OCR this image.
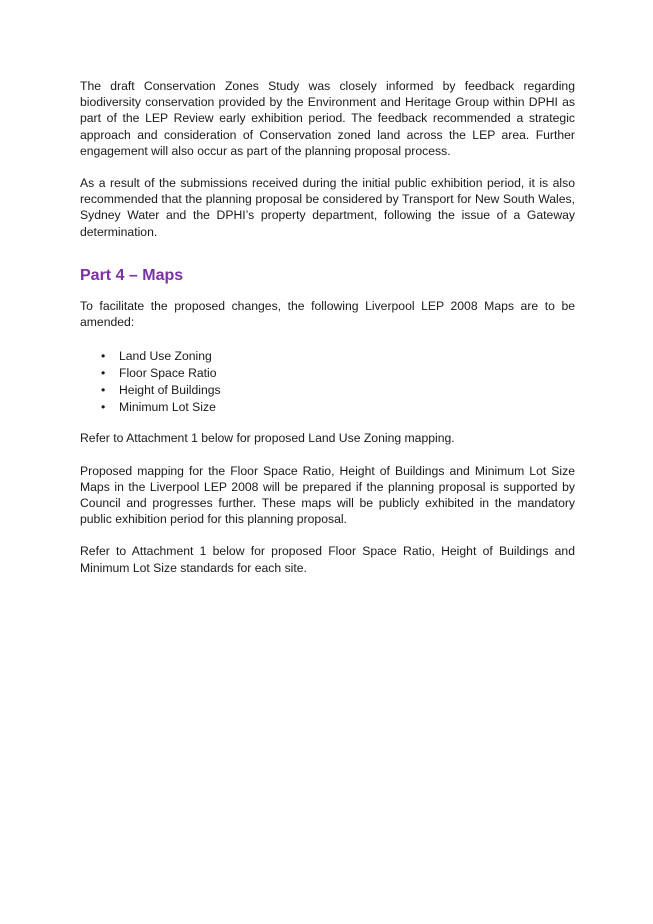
The draft Conservation Zones Study was closely informed by feedback regarding biodiversity conservation provided by the Environment and Heritage Group within DPHI as part of the LEP Review early exhibition period. The feedback recommended a strategic approach and consideration of Conservation zoned land across the LEP area. Further engagement will also occur as part of the planning proposal process.

As a result of the submissions received during the initial public exhibition period, it is also recommended that the planning proposal be considered by Transport for New South Wales, Sydney Water and the DPHI’s property department, following the issue of a Gateway determination.

Part 4 – Maps

To facilitate the proposed changes, the following Liverpool LEP 2008 Maps are to be amended:

• Land Use Zoning
• Floor Space Ratio
• Height of Buildings
• Minimum Lot Size

Refer to Attachment 1 below for proposed Land Use Zoning mapping.

Proposed mapping for the Floor Space Ratio, Height of Buildings and Minimum Lot Size Maps in the Liverpool LEP 2008 will be prepared if the planning proposal is supported by Council and progresses further. These maps will be publicly exhibited in the mandatory public exhibition period for this planning proposal.

Refer to Attachment 1 below for proposed Floor Space Ratio, Height of Buildings and Minimum Lot Size standards for each site.
